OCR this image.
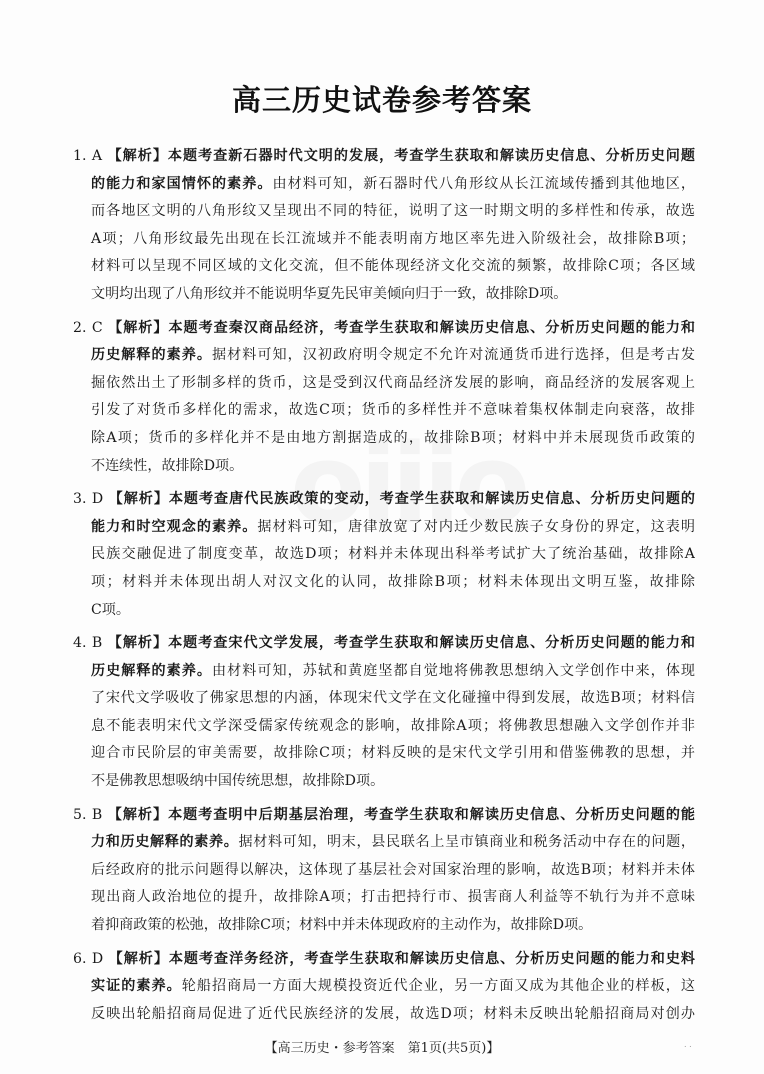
高三历史试卷参考答案
1. A 【解析】本题考查新石器时代文明的发展，考查学生获取和解读历史信息、分析历史问题
的能力和家国情怀的素养。由材料可知，新石器时代八角形纹从长江流域传播到其他地区，
而各地区文明的八角形纹又呈现出不同的特征，说明了这一时期文明的多样性和传承，故选
A项；八角形纹最先出现在长江流域并不能表明南方地区率先进入阶级社会，故排除B项；
材料可以呈现不同区域的文化交流，但不能体现经济文化交流的频繁，故排除C项；各区域
文明均出现了八角形纹并不能说明华夏先民审美倾向归于一致，故排除D项。
2. C 【解析】本题考查秦汉商品经济，考查学生获取和解读历史信息、分析历史问题的能力和
历史解释的素养。据材料可知，汉初政府明令规定不允许对流通货币进行选择，但是考古发
掘依然出土了形制多样的货币，这是受到汉代商品经济发展的影响，商品经济的发展客观上
引发了对货币多样化的需求，故选C项；货币的多样性并不意味着集权体制走向衰落，故排
除A项；货币的多样化并不是由地方割据造成的，故排除B项；材料中并未展现货币政策的
不连续性，故排除D项。
3. D 【解析】本题考查唐代民族政策的变动，考查学生获取和解读历史信息、分析历史问题的
能力和时空观念的素养。据材料可知，唐律放宽了对内迁少数民族子女身份的界定，这表明
民族交融促进了制度变革，故选D项；材料并未体现出科举考试扩大了统治基础，故排除A
项；材料并未体现出胡人对汉文化的认同，故排除B项；材料未体现出文明互鉴，故排除
C项。
4. B 【解析】本题考查宋代文学发展，考查学生获取和解读历史信息、分析历史问题的能力和
历史解释的素养。由材料可知，苏轼和黄庭坚都自觉地将佛教思想纳入文学创作中来，体现
了宋代文学吸收了佛家思想的内涵，体现宋代文学在文化碰撞中得到发展，故选B项；材料信
息不能表明宋代文学深受儒家传统观念的影响，故排除A项；将佛教思想融入文学创作并非
迎合市民阶层的审美需要，故排除C项；材料反映的是宋代文学引用和借鉴佛教的思想，并
不是佛教思想吸纳中国传统思想，故排除D项。
5. B 【解析】本题考查明中后期基层治理，考查学生获取和解读历史信息、分析历史问题的能
力和历史解释的素养。据材料可知，明末，县民联名上呈市镇商业和税务活动中存在的问题，
后经政府的批示问题得以解决，这体现了基层社会对国家治理的影响，故选B项；材料并未体
现出商人政治地位的提升，故排除A项；打击把持行市、损害商人利益等不轨行为并不意味
着抑商政策的松弛，故排除C项；材料中并未体现政府的主动作为，故排除D项。
6. D 【解析】本题考查洋务经济，考查学生获取和解读历史信息、分析历史问题的能力和史料
实证的素养。轮船招商局一方面大规模投资近代企业，另一方面又成为其他企业的样板，这
反映出轮船招商局促进了近代民族经济的发展，故选D项；材料未反映出轮船招商局对创办
【高三历史・参考答案　第1页(共5页)】	. .
